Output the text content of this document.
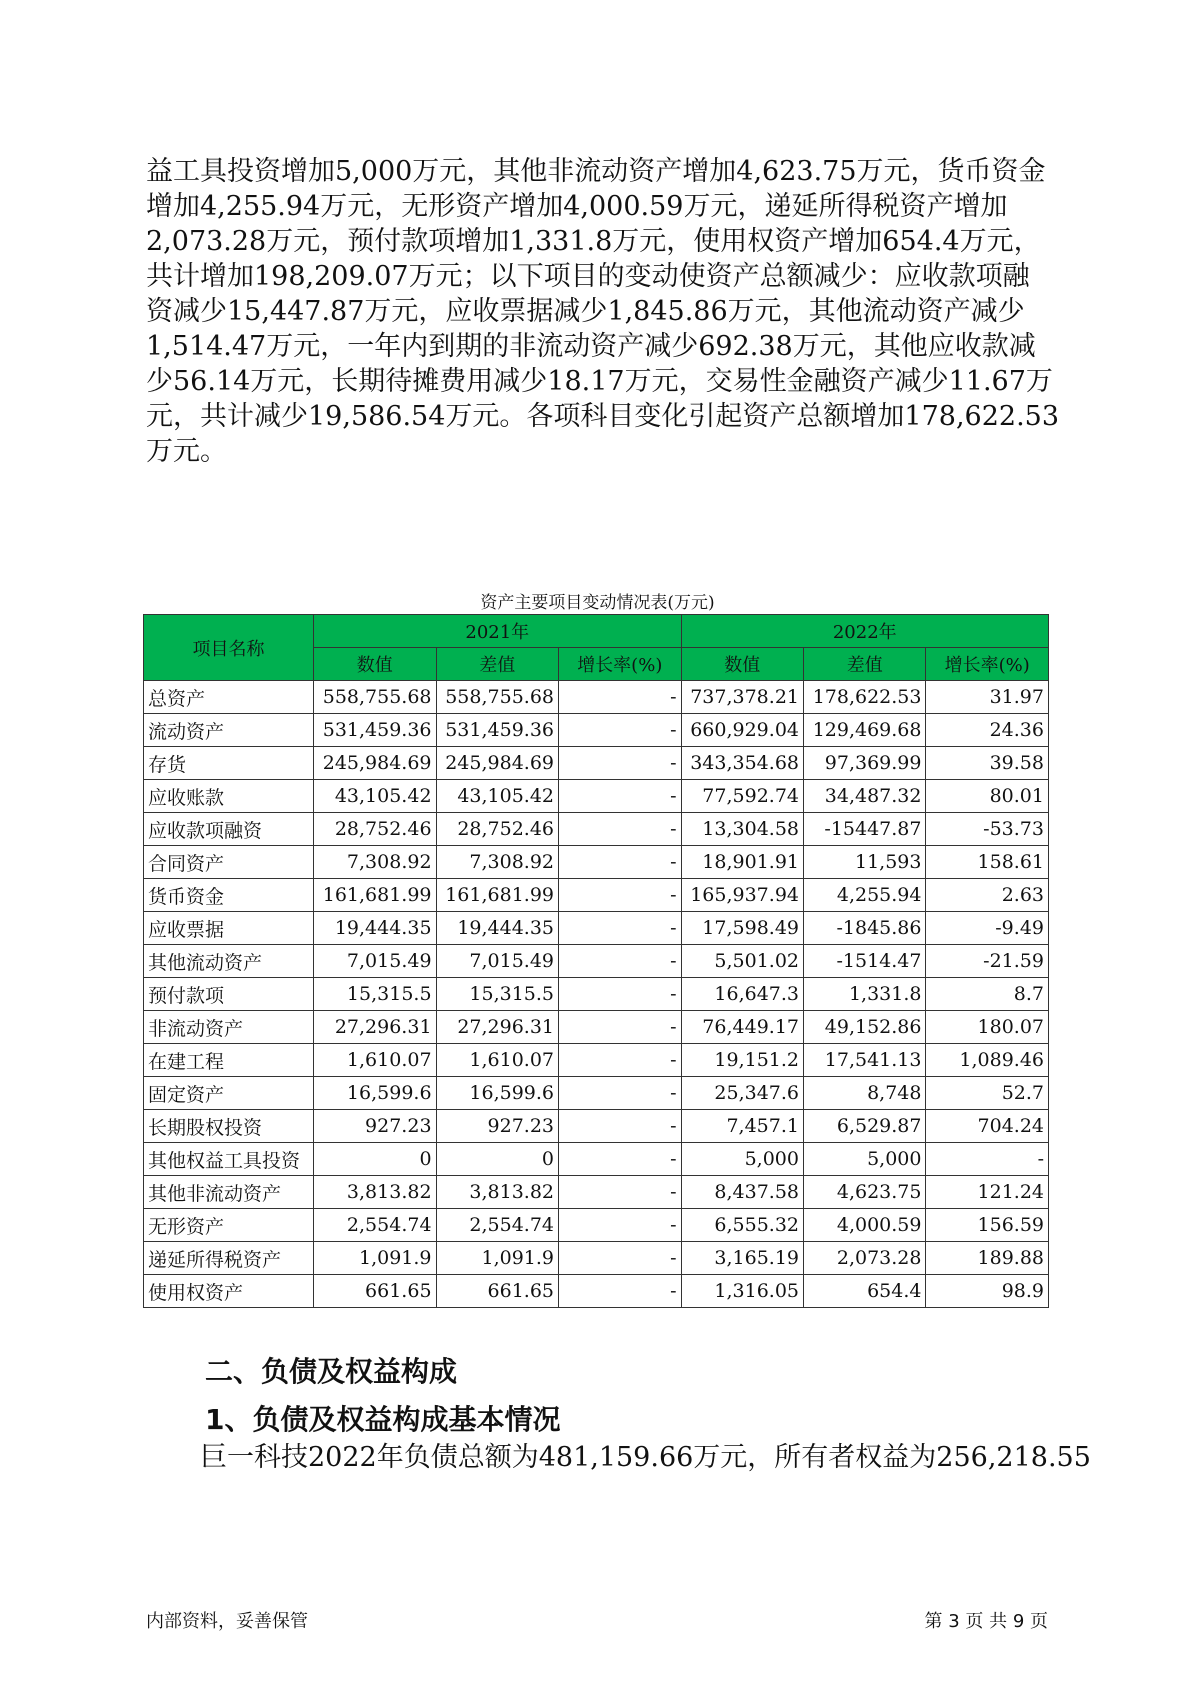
益工具投资增加5,000万元，其他非流动资产增加4,623.75万元，货币资金
增加4,255.94万元，无形资产增加4,000.59万元，递延所得税资产增加
2,073.28万元，预付款项增加1,331.8万元，使用权资产增加654.4万元，
共计增加198,209.07万元；以下项目的变动使资产总额减少：应收款项融
资减少15,447.87万元，应收票据减少1,845.86万元，其他流动资产减少
1,514.47万元，一年内到期的非流动资产减少692.38万元，其他应收款减
少56.14万元，长期待摊费用减少18.17万元，交易性金融资产减少11.67万
元，共计减少19,586.54万元。各项科目变化引起资产总额增加178,622.53
万元。
资产主要项目变动情况表(万元)
项目名称	2021年			2022年		
	数值	差值	增长率(%)	数值	差值	增长率(%)
总资产	558,755.68	558,755.68	-	737,378.21	178,622.53	31.97
流动资产	531,459.36	531,459.36	-	660,929.04	129,469.68	24.36
存货	245,984.69	245,984.69	-	343,354.68	97,369.99	39.58
应收账款	43,105.42	43,105.42	-	77,592.74	34,487.32	80.01
应收款项融资	28,752.46	28,752.46	-	13,304.58	-15447.87	-53.73
合同资产	7,308.92	7,308.92	-	18,901.91	11,593	158.61
货币资金	161,681.99	161,681.99	-	165,937.94	4,255.94	2.63
应收票据	19,444.35	19,444.35	-	17,598.49	-1845.86	-9.49
其他流动资产	7,015.49	7,015.49	-	5,501.02	-1514.47	-21.59
预付款项	15,315.5	15,315.5	-	16,647.3	1,331.8	8.7
非流动资产	27,296.31	27,296.31	-	76,449.17	49,152.86	180.07
在建工程	1,610.07	1,610.07	-	19,151.2	17,541.13	1,089.46
固定资产	16,599.6	16,599.6	-	25,347.6	8,748	52.7
长期股权投资	927.23	927.23	-	7,457.1	6,529.87	704.24
其他权益工具投资	0	0	-	5,000	5,000	-
其他非流动资产	3,813.82	3,813.82	-	8,437.58	4,623.75	121.24
无形资产	2,554.74	2,554.74	-	6,555.32	4,000.59	156.59
递延所得税资产	1,091.9	1,091.9	-	3,165.19	2,073.28	189.88
使用权资产	661.65	661.65	-	1,316.05	654.4	98.9
二、负债及权益构成
1、负债及权益构成基本情况

巨一科技2022年负债总额为481,159.66万元，所有者权益为256,218.55

内部资料，妥善保管	第 3 页 共 9 页
